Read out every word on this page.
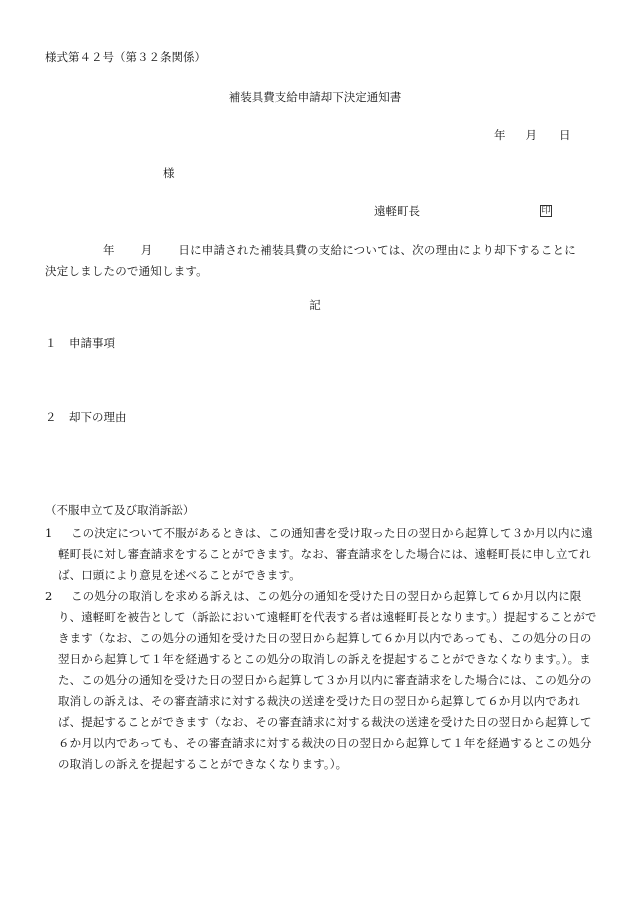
様式第４２号（第３２条関係）
補装具費支給申請却下決定通知書
年 月 日
様
遠軽町長	印
年 月 日に申請された補装具費の支給については、次の理由により却下することに決定しましたので通知します。
記
１ 申請事項
２ 却下の理由
（不服申立て及び取消訴訟）
1 この決定について不服があるときは、この通知書を受け取った日の翌日から起算して３か月以内に遠軽町長に対し審査請求をすることができます。なお、審査請求をした場合には、遠軽町長に申し立てれば、口頭により意見を述べることができます。
2 この処分の取消しを求める訴えは、この処分の通知を受けた日の翌日から起算して６か月以内に限り、遠軽町を被告として（訴訟において遠軽町を代表する者は遠軽町長となります。）提起することができます（なお、この処分の通知を受けた日の翌日から起算して６か月以内であっても、この処分の日の翌日から起算して１年を経過するとこの処分の取消しの訴えを提起することができなくなります。）。また、この処分の通知を受けた日の翌日から起算して３か月以内に審査請求をした場合には、この処分の取消しの訴えは、その審査請求に対する裁決の送達を受けた日の翌日から起算して６か月以内であれば、提起することができます（なお、その審査請求に対する裁決の送達を受けた日の翌日から起算して６か月以内であっても、その審査請求に対する裁決の日の翌日から起算して１年を経過するとこの処分の取消しの訴えを提起することができなくなります。）。
